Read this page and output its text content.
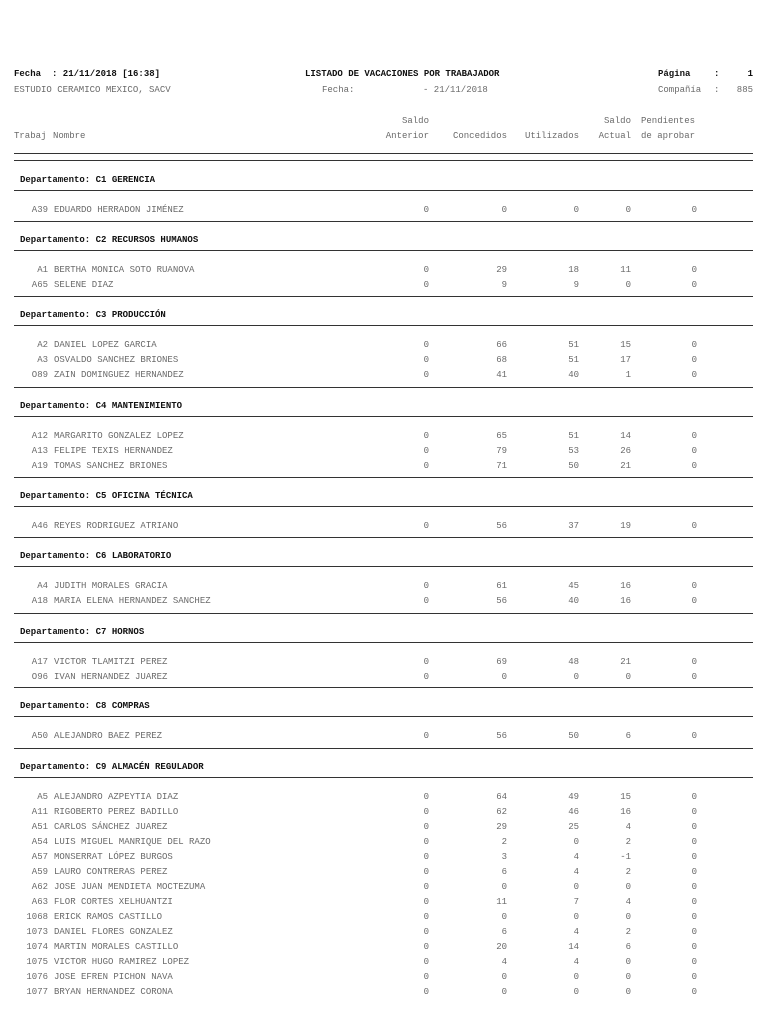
Fecha : 21/11/2018 [16:38]
ESTUDIO CERAMICO MEXICO, SACV
LISTADO DE VACACIONES POR TRABAJADOR
Fecha:	- 21/11/2018
Página	:	1
Compañía :	885
Trabaj Nombre
Saldo
Anterior	Concedidos	Utilizados
Saldo
Actual
Pendientes
de aprobar
Departamento: C1 GERENCIA
A39 EDUARDO HERRADON JIMÉNEZ	0	0	0	0	0
Departamento: C2 RECURSOS HUMANOS
A1 BERTHA MONICA SOTO RUANOVA	0	29	18	11	0
A65 SELENE DIAZ	0	9	9	0	0
Departamento: C3 PRODUCCIÓN
A2 DANIEL LOPEZ GARCIA	0	66	51	15	0
A3 OSVALDO SANCHEZ BRIONES	0	68	51	17	0
O89 ZAIN DOMINGUEZ HERNANDEZ	0	41	40	1	0
Departamento: C4 MANTENIMIENTO
A12 MARGARITO GONZALEZ LOPEZ	0	65	51	14	0
A13 FELIPE TEXIS HERNANDEZ	0	79	53	26	0
A19 TOMAS SANCHEZ BRIONES	0	71	50	21	0
Departamento: C5 OFICINA TÉCNICA
A46 REYES RODRIGUEZ ATRIANO	0	56	37	19	0
Departamento: C6 LABORATORIO
A4 JUDITH MORALES GRACIA	0	61	45	16	0
A18 MARIA ELENA HERNANDEZ SANCHEZ	0	56	40	16	0
Departamento: C7 HORNOS
A17 VICTOR TLAMITZI PEREZ	0	69	48	21	0
O96 IVAN HERNANDEZ JUAREZ	0	0	0	0	0
Departamento: C8 COMPRAS
A50 ALEJANDRO BAEZ PEREZ	0	56	50	6	0
Departamento: C9 ALMACÉN REGULADOR
A5 ALEJANDRO AZPEYTIA DIAZ	0	64	49	15	0
A11 RIGOBERTO PEREZ BADILLO	0	62	46	16	0
A51 CARLOS SÁNCHEZ JUAREZ	0	29	25	4	0
A54 LUIS MIGUEL MANRIQUE DEL RAZO	0	2	0	2	0
A57 MONSERRAT LÓPEZ BURGOS	0	3	4	-1	0
A59 LAURO CONTRERAS PEREZ	0	6	4	2	0
A62 JOSE JUAN MENDIETA MOCTEZUMA	0	0	0	0	0
A63 FLOR CORTES XELHUANTZI	0	11	7	4	0
1068 ERICK RAMOS CASTILLO	0	0	0	0	0
1073 DANIEL FLORES GONZALEZ	0	6	4	2	0
1074 MARTIN MORALES CASTILLO	0	20	14	6	0
1075 VICTOR HUGO RAMIREZ LOPEZ	0	4	4	0	0
1076 JOSE EFREN PICHON NAVA	0	0	0	0	0
1077 BRYAN HERNANDEZ CORONA	0	0	0	0	0
